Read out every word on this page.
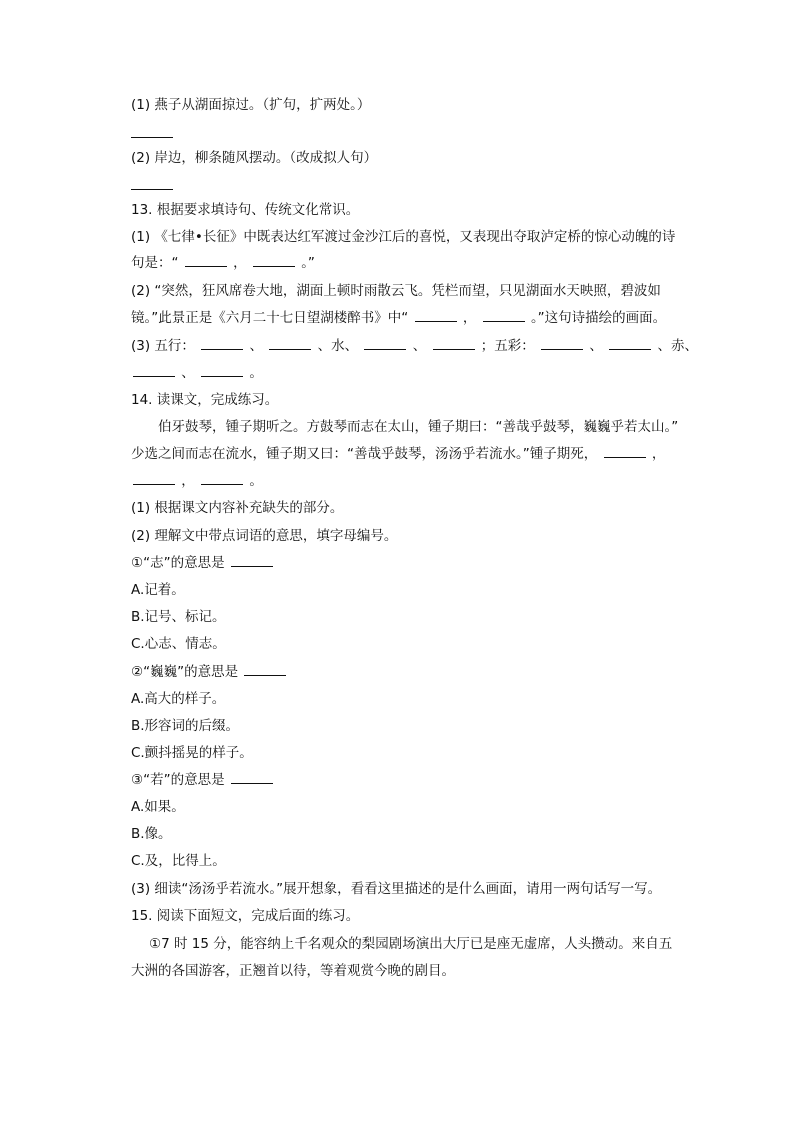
(1) 燕子从湖面掠过。（扩句，扩两处。）
(2) 岸边，柳条随风摆动。（改成拟人句）
13. 根据要求填诗句、传统文化常识。
(1) 《七律•长征》中既表达红军渡过金沙江后的喜悦，又表现出夺取泸定桥的惊心动魄的诗
句是：“	，	。”
(2) “突然，狂风席卷大地，湖面上顿时雨散云飞。凭栏而望，只见湖面水天映照，碧波如
镜。”此景正是《六月二十七日望湖楼醉书》中“	，	。”这句诗描绘的画面。
(3) 五行：	、	、水、	、	；五彩：	、	、赤、
、	。
14. 读课文，完成练习。
伯牙鼓琴，锺子期听之。方鼓琴而志在太山，锺子期曰：“善哉乎鼓琴，巍巍乎若太山。”
少选之间而志在流水，锺子期又曰：“善哉乎鼓琴，汤汤乎若流水。”锺子期死，	，
，	。
(1) 根据课文内容补充缺失的部分。
(2) 理解文中带点词语的意思，填字母编号。
①“志”的意思是
A.记着。
B.记号、标记。
C.心志、情志。
②“巍巍”的意思是
A.高大的样子。
B.形容词的后缀。
C.颤抖摇晃的样子。
③“若”的意思是
A.如果。
B.像。
C.及，比得上。
(3) 细读“汤汤乎若流水。”展开想象，看看这里描述的是什么画面，请用一两句话写一写。
15. 阅读下面短文，完成后面的练习。
①7 时 15 分，能容纳上千名观众的梨园剧场演出大厅已是座无虚席，人头攒动。来自五
大洲的各国游客，正翘首以待，等着观赏今晚的剧目。
